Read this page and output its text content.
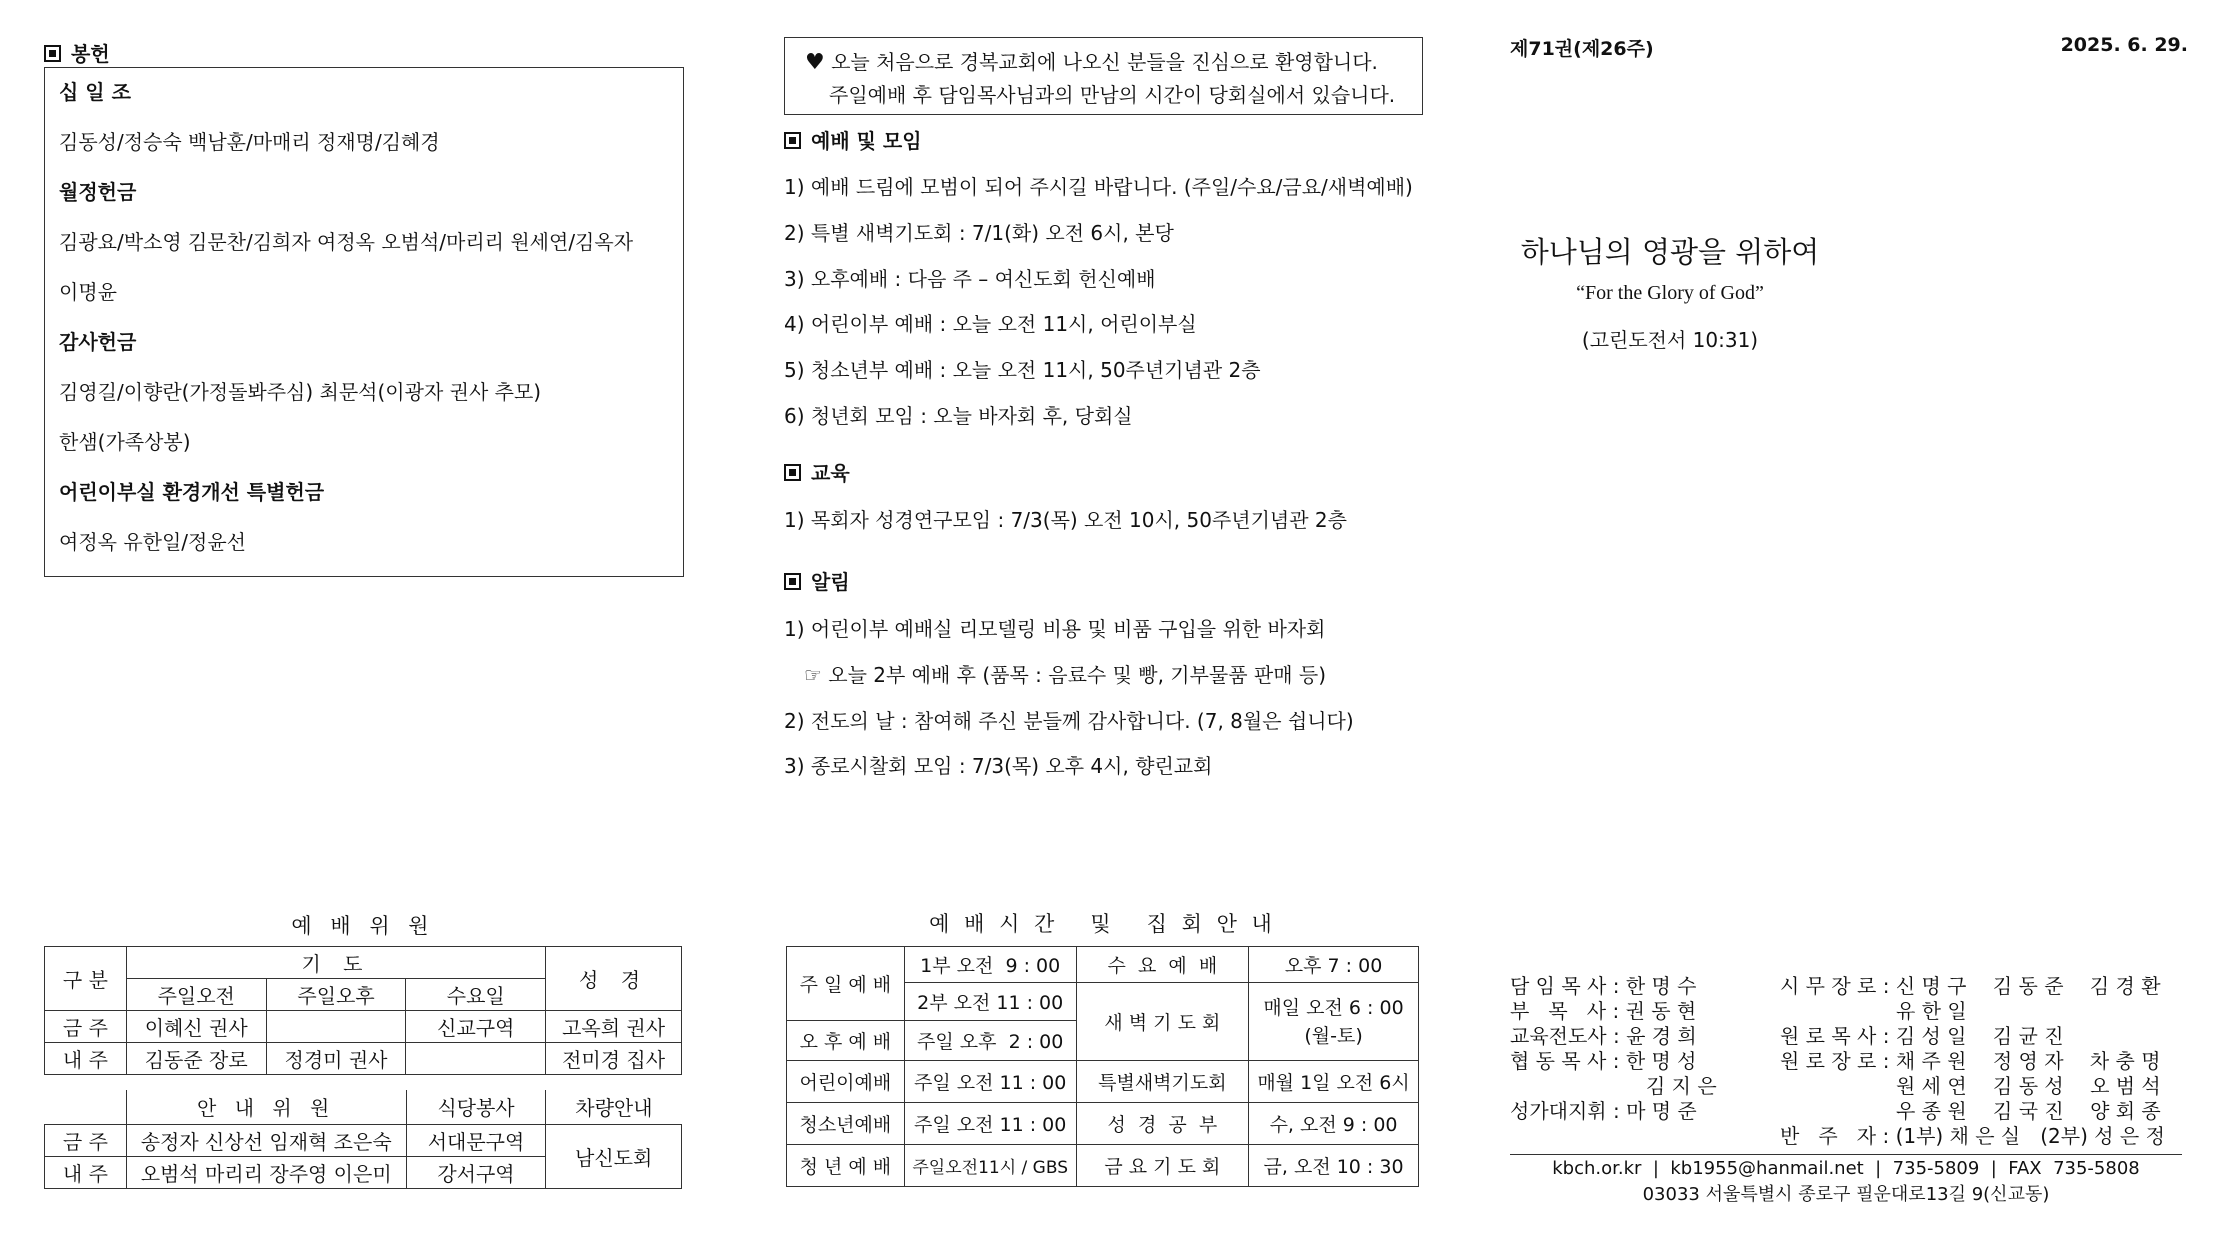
봉헌
십 일 조
김동성/정승숙 백남훈/마매리 정재명/김혜경
월정헌금
김광요/박소영 김문찬/김희자 여정옥 오범석/마리리 원세연/김옥자
이명윤
감사헌금
김영길/이향란(가정돌봐주심) 최문석(이광자 권사 추모)
한샘(가족상봉)
어린이부실 환경개선 특별헌금
여정옥 유한일/정윤선
♥ 오늘 처음으로 경복교회에 나오신 분들을 진심으로 환영합니다.
주일예배 후 담임목사님과의 만남의 시간이 당회실에서 있습니다.
예배 및 모임
1) 예배 드림에 모범이 되어 주시길 바랍니다. (주일/수요/금요/새벽예배)
2) 특별 새벽기도회 : 7/1(화) 오전 6시, 본당
3) 오후예배 : 다음 주 – 여신도회 헌신예배
4) 어린이부 예배 : 오늘 오전 11시, 어린이부실
5) 청소년부 예배 : 오늘 오전 11시, 50주년기념관 2층
6) 청년회 모임 : 오늘 바자회 후, 당회실
교육
1) 목회자 성경연구모임 : 7/3(목) 오전 10시, 50주년기념관 2층
알림
1) 어린이부 예배실 리모델링 비용 및 비품 구입을 위한 바자회
☞ 오늘 2부 예배 후 (품목 : 음료수 및 빵, 기부물품 판매 등)
2) 전도의 날 : 참여해 주신 분들께 감사합니다. (7, 8월은 쉽니다)
3) 종로시찰회 모임 : 7/3(목) 오후 4시, 향린교회
제71권(제26주)	2025. 6. 29.
하나님의 영광을 위하여
“For the Glory of God”
(고린도전서 10:31)
예 배 위 원
구 분	기 도			성 경
	주일오전	주일오후	수요일	
금 주	이혜신 권사		신교구역	고옥희 권사
내 주	김동준 장로	정경미 권사		전미경 집사
	안 내 위 원	식당봉사	차량안내
금 주	송정자 신상선 임재혁 조은숙	서대문구역	남신도회
내 주	오범석 마리리 장주영 이은미	강서구역	
예 배 시 간   및   집 회 안 내
주 일 예 배	1부 오전  9 : 00	수  요  예  배	오후 7 : 00
	2부 오전 11 : 00	새 벽 기 도 회	매일 오전 6 : 00
(월-토)

오 후 예 배	주일 오후  2 : 00		
어린이예배	주일 오전 11 : 00	특별새벽기도회	매월 1일 오전 6시
청소년예배	주일 오전 11 : 00	성  경  공  부	수, 오전 9 : 00
청 년 예 배	주일오전11시 / GBS	금 요 기 도 회	금, 오전 10 : 30
담 임 목 사 : 한 명 수
부   목   사 : 권 동 현
교육전도사 : 윤 경 희
협 동 목 사 : 한 명 성
김 지 은
성가대지휘 : 마 명 준
시 무 장 로 : 신 명 구　 김 동 준　 김 경 환
유 한 일
원 로 목 사 : 김 성 일　 김 균 진
원 로 장 로 : 채 주 원　 정 영 자　 차 충 명
원 세 연　 김 동 성　 오 범 석
우 종 원　 김 국 진　 양 회 종
반   주   자 : (1부) 채 은 실　(2부) 성 은 정
kbch.or.kr  |  kb1955@hanmail.net  |  735-5809  |  FAX  735-5808
03033 서울특별시 종로구 필운대로13길 9(신교동)
